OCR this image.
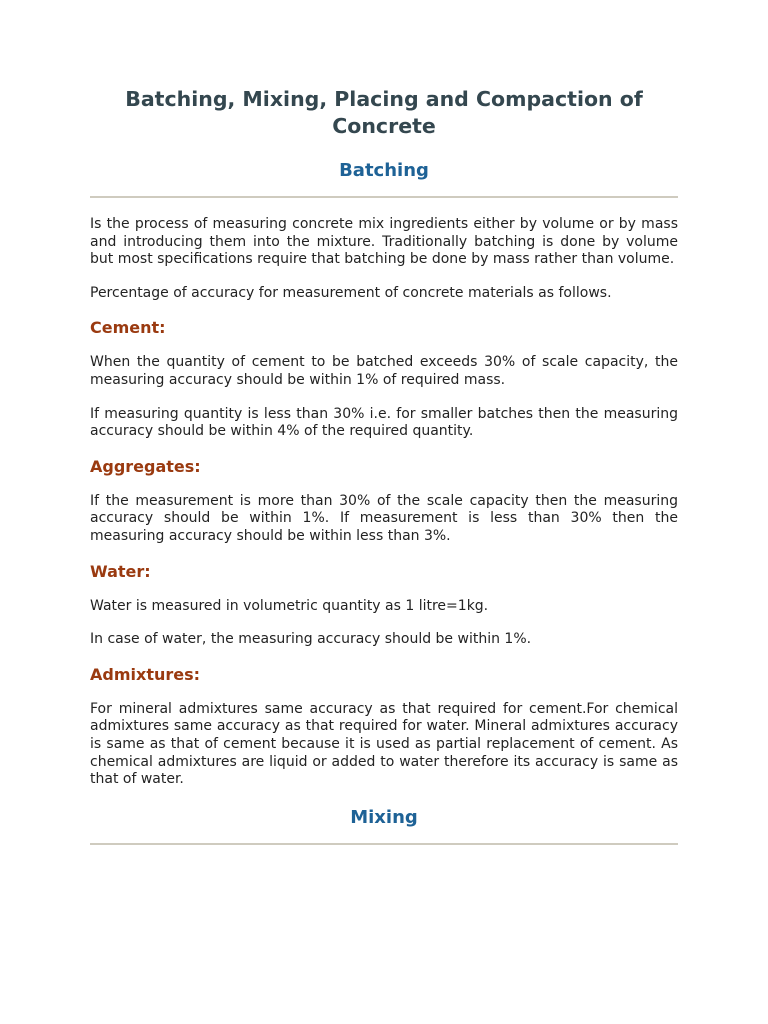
Batching, Mixing, Placing and Compaction of Concrete
Batching

Is the process of measuring concrete mix ingredients either by volume or by mass and introducing them into the mixture. Traditionally batching is done by volume but most specifications require that batching be done by mass rather than volume.

Percentage of accuracy for measurement of concrete materials as follows.

Cement:

When the quantity of cement to be batched exceeds 30% of scale capacity, the measuring accuracy should be within 1% of required mass.

If measuring quantity is less than 30% i.e. for smaller batches then the measuring accuracy should be within 4% of the required quantity.

Aggregates:

If the measurement is more than 30% of the scale capacity then the measuring accuracy should be within 1%. If measurement is less than 30% then the measuring accuracy should be within less than 3%.

Water:

Water is measured in volumetric quantity as 1 litre=1kg.

In case of water, the measuring accuracy should be within 1%.

Admixtures:

For mineral admixtures same accuracy as that required for cement.For chemical admixtures same accuracy as that required for water. Mineral admixtures accuracy is same as that of cement because it is used as partial replacement of cement. As chemical admixtures are liquid or added to water therefore its accuracy is same as that of water.

Mixing
